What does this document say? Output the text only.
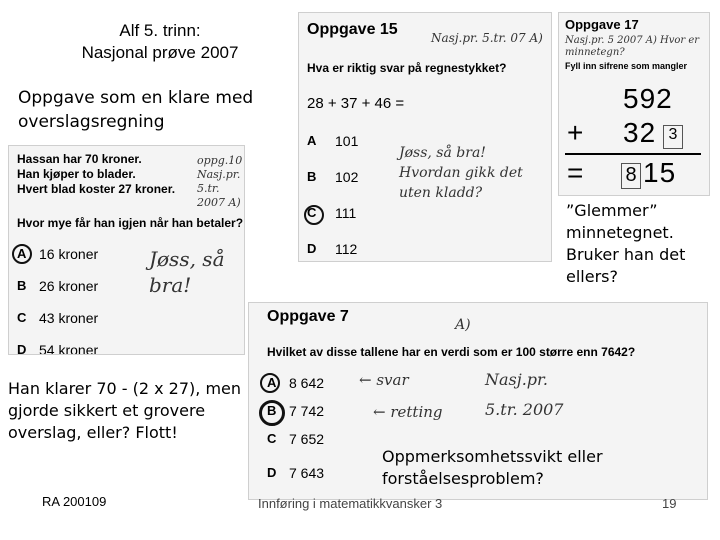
Alf 5. trinn:
Nasjonal prøve 2007
Oppgave som en klare med overslagsregning
Hassan har 70 kroner.
Han kjøper to blader.
Hvert blad koster 27 kroner.
Hvor mye får han igjen når han betaler?
oppg.10 Nasj.pr. 5.tr. 2007 A)
A 16 kroner
B 26 kroner
C 43 kroner
D 54 kroner
Jøss, så bra!
Oppgave 15	Nasj.pr. 5.tr. 07 A)
Hva er riktig svar på regnestykket?
28 + 37 + 46 =
A	101
B	102
C	111
D	112
Jøss, så bra! Hvordan gikk det uten kladd?
Oppgave 17
Nasj.pr. 5 2007 A) Hvor er minnetegn?
Fyll inn sifrene som mangler
592
+ 32 3
= 8 15
”Glemmer” minnetegnet. Bruker han det ellers?
Oppgave 7	A)
Hvilket av disse tallene har en verdi som er 100 større enn 7642?
A 8 642
B 7 742
C 7 652
D 7 643
← svar
← retting
Nasj.pr. 5.tr. 2007
Han klarer 70 - (2 x 27), men gjorde sikkert et grovere overslag, eller? Flott!
Oppmerksomhetssvikt eller forståelsesproblem?
RA 200109	Innføring i matematikkvansker 3	19
